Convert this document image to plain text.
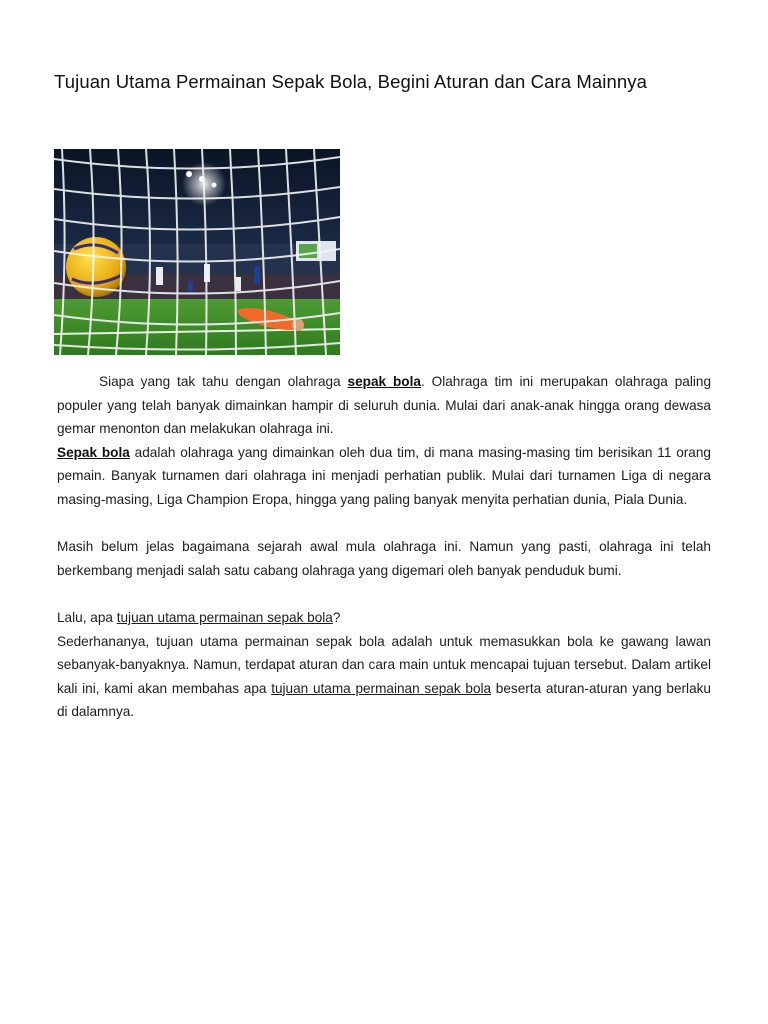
Tujuan Utama Permainan Sepak Bola, Begini Aturan dan Cara Mainnya

Siapa yang tak tahu dengan olahraga sepak bola. Olahraga tim ini merupakan olahraga paling populer yang telah banyak dimainkan hampir di seluruh dunia. Mulai dari anak-anak hingga orang dewasa gemar menonton dan melakukan olahraga ini.

Sepak bola adalah olahraga yang dimainkan oleh dua tim, di mana masing-masing tim berisikan 11 orang pemain. Banyak turnamen dari olahraga ini menjadi perhatian publik. Mulai dari turnamen Liga di negara masing-masing, Liga Champion Eropa, hingga yang paling banyak menyita perhatian dunia, Piala Dunia.

Masih belum jelas bagaimana sejarah awal mula olahraga ini. Namun yang pasti, olahraga ini telah berkembang menjadi salah satu cabang olahraga yang digemari oleh banyak penduduk bumi.

Lalu, apa tujuan utama permainan sepak bola?

Sederhananya, tujuan utama permainan sepak bola adalah untuk memasukkan bola ke gawang lawan sebanyak-banyaknya. Namun, terdapat aturan dan cara main untuk mencapai tujuan tersebut. Dalam artikel kali ini, kami akan membahas apa tujuan utama permainan sepak bola beserta aturan-aturan yang berlaku di dalamnya.
